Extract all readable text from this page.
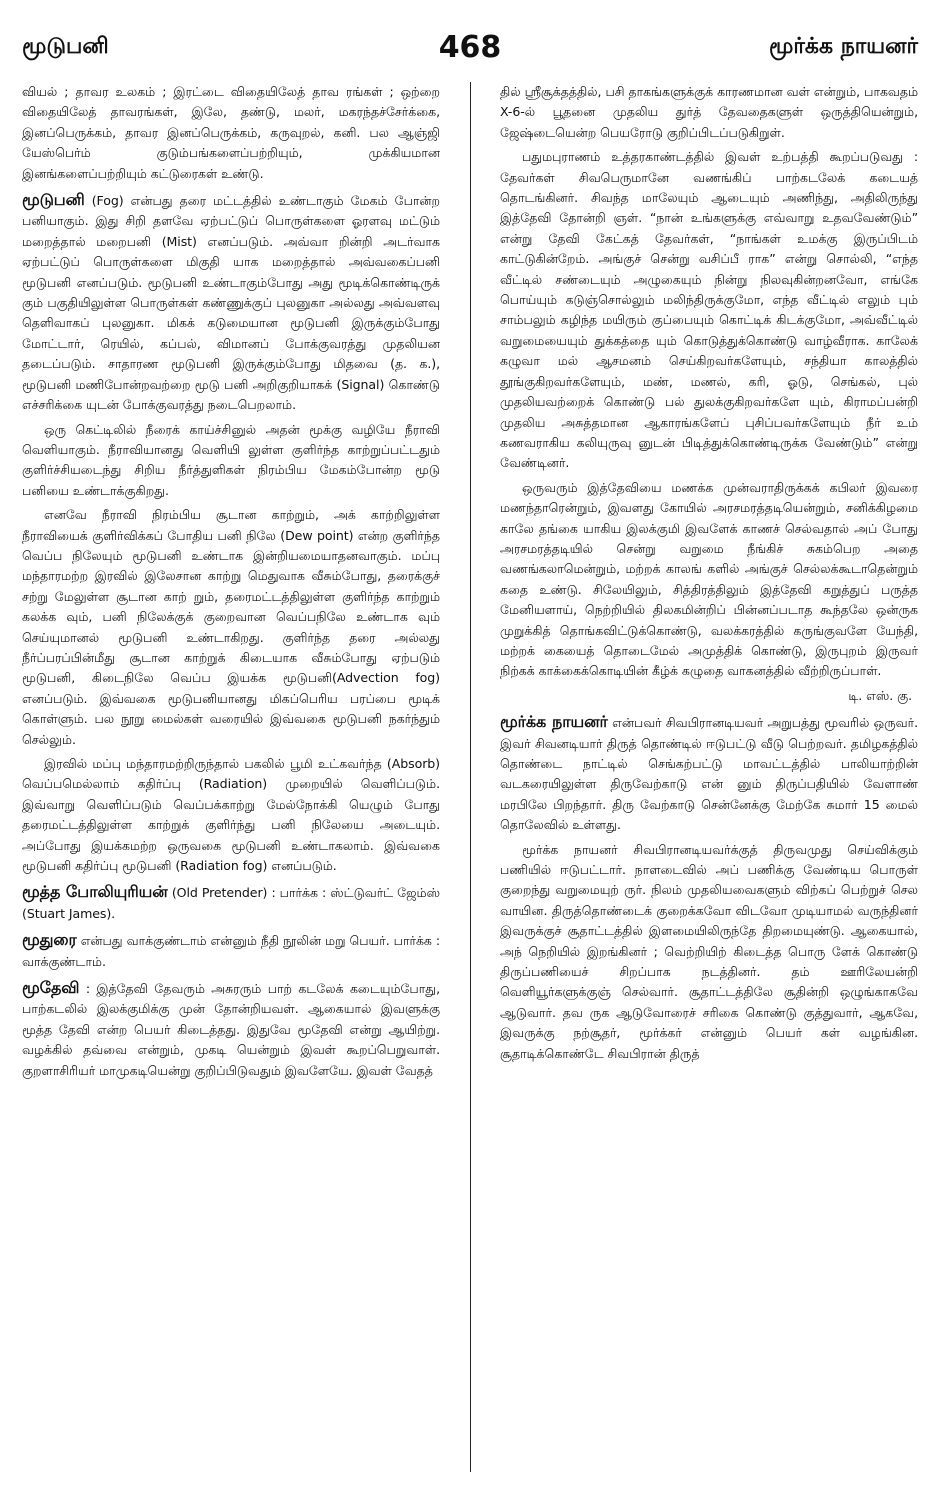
மூடுபனி	468	மூர்க்க நாயனர்

வியல் ; தாவர உலகம் ; இரட்டை விதையிலேத் தாவ ரங்கள் ; ஒற்றை விதையிலேத் தாவரங்கள், இலே, தண்டு, மலர், மகரந்தச்சேர்க்கை, இனப்பெருக்கம், தாவர இனப்பெருக்கம், கருவுறல், கனி. பல ஆஞ்ஜி யேஸ்பெர்ம் குடும்பங்களைப்பற்றியும், முக்கியமான இனங்களைப்பற்றியும் கட்டுரைகள் உண்டு.

மூடுபனி (Fog) என்பது தரை மட்டத்தில் உண்டாகும் மேகம் போன்ற பனியாகும். இது சிறி தளவே ஏற்பட்டுப் பொருள்களை ஓரளவு மட்டும் மறைத்தால் மறைபனி (Mist) எனப்படும். அவ்வா றின்றி அடர்வாக ஏற்பட்டுப் பொருள்களை மிகுதி யாக மறைத்தால் அவ்வகைப்பனி மூடுபனி எனப்படும். மூடுபனி உண்டாகும்போது அது மூடிக்கொண்டிருக் கும் பகுதியிலுள்ள பொருள்கள் கண்ணுக்குப் புலனுகா அல்லது அவ்வளவு தெளிவாகப் புலனுகா. மிகக் கடுமையான மூடுபனி இருக்கும்போது மோட்டார், ரெயில், கப்பல், விமானப் போக்குவரத்து முதலியன தடைப்படும். சாதாரண மூடுபனி இருக்கும்போது மிதவை (த. க.), மூடுபனி மணிபோன்றவற்றை மூடு பனி அறிகுறியாகக் (Signal) கொண்டு எச்சரிக்கை யுடன் போக்குவரத்து நடைபெறலாம்.

ஒரு கெட்டிலில் நீரைக் காய்ச்சினுல் அதன் மூக்கு வழியே நீராவி வெளியாகும். நீராவியானது வெளியி லுள்ள குளிர்ந்த காற்றுப்பட்டதும் குளிர்ச்சியடைந்து சிறிய நீர்த்துளிகள் நிரம்பிய மேகம்போன்ற மூடு பனியை உண்டாக்குகிறது.

எனவே நீராவி நிரம்பிய சூடான காற்றும், அக் காற்றிலுள்ள நீராவியைக் குளிர்விக்கப் போதிய பனி நிலே (Dew point) என்ற குளிர்ந்த வெப்ப நிலேயும் மூடுபனி உண்டாக இன்றியமையாதனவாகும். மப்பு மந்தாரமற்ற இரவில் இலேசான காற்று மெதுவாக வீசும்போது, தரைக்குச் சற்று மேலுள்ள சூடான காற் றும், தரைமட்டத்திலுள்ள குளிர்ந்த காற்றும் கலக்க வும், பனி நிலேக்குக் குறைவான வெப்பநிலே உண்டாக வும் செய்யுமானல் மூடுபனி உண்டாகிறது. குளிர்ந்த தரை அல்லது நீர்ப்பரப்பின்மீது சூடான காற்றுக் கிடையாக வீசும்போது ஏற்படும் மூடுபனி, கிடைநிலே வெப்ப இயக்க மூடுபனி(Advection fog) எனப்படும். இவ்வகை மூடுபனியானது மிகப்பெரிய பரப்பை மூடிக் கொள்ளும். பல நூறு மைல்கள் வரையில் இவ்வகை மூடுபனி நகர்ந்தும் செல்லும்.

இரவில் மப்பு மந்தாரமற்றிருந்தால் பகலில் பூமி உட்கவர்ந்த (Absorb) வெப்பமெல்லாம் கதிர்ப்பு (Radiation) முறையில் வெளிப்படும். இவ்வாறு வெளிப்படும் வெப்பக்காற்று மேல்நோக்கி யெழும் போது தரைமட்டத்திலுள்ள காற்றுக் குளிர்ந்து பனி நிலேயை அடையும். அப்போது இயக்கமற்ற ஒருவகை மூடுபனி உண்டாகலாம். இவ்வகை மூடுபனி கதிர்ப்பு மூடுபனி (Radiation fog) எனப்படும்.

மூத்த போலியுரியன் (Old Pretender) : பார்க்க : ஸ்ட்டுவர்ட் ஜேம்ஸ் (Stuart James).
மூதுரை என்பது வாக்குண்டாம் என்னும் நீதி நூலின் மறு பெயர். பார்க்க : வாக்குண்டாம்.
மூதேவி : இத்தேவி தேவரும் அசுரரும் பாற் கடலேக் கடையும்போது, பாற்கடலில் இலக்குமிக்கு முன் தோன்றியவள். ஆகையால் இவளுக்கு மூத்த தேவி என்ற பெயர் கிடைத்தது. இதுவே மூதேவி என்று ஆயிற்று. வழக்கில் தவ்வை என்றும், முகடி யென்றும் இவள் கூறப்பெறுவாள். குறளாசிரியர் மாமுகடியென்று குறிப்பிடுவதும் இவளேயே. இவள் வேதத்

தில் ஸ்ரீசூக்தத்தில், பசி தாகங்களுக்குக் காரணமான வள் என்றும், பாகவதம் X-6-ல் பூதனை முதலிய துர்த் தேவதைகளுள் ஒருத்தியென்றும், ஜேஷ்டையென்ற பெயரோடு குறிப்பிடப்படுகிறுள்.

பதுமபுராணம் உத்தரகாண்டத்தில் இவள் உற்பத்தி கூறப்படுவது : தேவர்கள் சிவபெருமானே வணங்கிப் பாற்கடலேக் கடையத் தொடங்கினர். சிவந்த மாலேயும் ஆடையும் அணிந்து, அதிலிருந்து இத்தேவி தோன்றி ஞள். “நான் உங்களுக்கு எவ்வாறு உதவவேண்டும்” என்று தேவி கேட்கத் தேவர்கள், “நாங்கள் உமக்கு இருப்பிடம் காட்டுகின்றேம். அங்குச் சென்று வசிப்பீ ராக” என்று சொல்லி, “எந்த வீட்டில் சண்டையும் அழுகையும் நின்று நிலவுகின்றனவோ, எங்கே பொய்யும் கடுஞ்சொல்லும் மலிந்திருக்குமோ, எந்த வீட்டில் எலும் பும் சாம்பலும் கழிந்த மயிரும் குப்பையும் கொட்டிக் கிடக்குமோ, அவ்வீட்டில் வறுமையையும் துக்கத்தை யும் கொடுத்துக்கொண்டு வாழ்வீராக. காலேக் கழுவா மல் ஆசமனம் செய்கிறவர்களேயும், சந்தியா காலத்தில் தூங்குகிறவர்களேயும், மண், மணல், கரி, ஓடு, செங்கல், புல் முதலியவற்றைக் கொண்டு பல் துலக்குகிறவர்களே யும், கிராமப்பன்றி முதலிய அசுத்தமான ஆகாரங்களேப் புசிப்பவர்களேயும் நீர் உம் கணவராகிய கலியுருவு னுடன் பிடித்துக்கொண்டிருக்க வேண்டும்” என்று வேண்டினர்.

ஒருவரும் இத்தேவியை மணக்க முன்வராதிருக்கக் கபிலர் இவரை மணந்தாரென்றும், இவளது கோயில் அரசமரத்தடியென்றும், சனிக்கிழமை காலே தங்கை யாகிய இலக்குமி இவளேக் காணச் செல்வதால் அப் போது அரசமரத்தடியில் சென்று வறுமை நீங்கிச் சுகம்பெற அதை வணங்கலாமென்றும், மற்றக் காலங் களில் அங்குச் செல்லக்கூடாதென்றும் கதை உண்டு. சிலேயிலும், சித்திரத்திலும் இத்தேவி கறுத்துப் பருத்த மேனியளாய், நெற்றியில் திலகமின்றிப் பின்னப்படாத கூந்தலே ஒன்ருக முறுக்கித் தொங்கவிட்டுக்கொண்டு, வலக்கரத்தில் கருங்குவளே யேந்தி, மற்றக் கையைத் தொடைமேல் அமுத்திக் கொண்டு, இருபுறம் இருவர் நிற்கக் காக்கைக்கொடியின் கீழ்க் கழுதை வாகனத்தில் வீற்றிருப்பாள்.

டி. எஸ். கு.
மூர்க்க நாயனர் என்பவர் சிவபிரானடியவர் அறுபத்து மூவரில் ஒருவர். இவர் சிவனடியார் திருத் தொண்டில் ஈடுபட்டு வீடு பெற்றவர். தமிழகத்தில் தொண்டை நாட்டில் செங்கற்பட்டு மாவட்டத்தில் பாலியாற்றின் வடகரையிலுள்ள திருவேற்காடு என் னும் திருப்பதியில் வேளாண் மரபிலே பிறந்தார். திரு வேற்காடு சென்னேக்கு மேற்கே சுமார் 15 மைல் தொலேவில் உள்ளது.

மூர்க்க நாயனர் சிவபிரானடியவர்க்குத் திருவமுது செய்விக்கும் பணியில் ஈடுபட்டார். நாளடைவில் அப் பணிக்கு வேண்டிய பொருள் குறைந்து வறுமையுற் ருர். நிலம் முதலியவைகளும் விற்கப் பெற்றுச் செல வாயின. திருத்தொண்டைக் குறைக்கவோ விடவோ முடியாமல் வருந்தினர் இவருக்குச் சூதாட்டத்தில் இளமையிலிருந்தே திறமையுண்டு. ஆகையால், அந் நெறியில் இறங்கினர் ; வெற்றியிற் கிடைத்த பொரு ளேக் கொண்டு திருப்பணியைச் சிறப்பாக நடத்தினர். தம் ஊரிலேயன்றி வெளியூர்களுக்குஞ் செல்வார். சூதாட்டத்திலே சூதின்றி ஒழுங்காகவே ஆடுவார். தவ ருக ஆடுவோரைச் சரிகை கொண்டு குத்துவார், ஆகவே, இவருக்கு நற்சூதர், மூர்க்கர் என்னும் பெயர் கள் வழங்கின. சூதாடிக்கொண்டே சிவபிரான் திருத்
